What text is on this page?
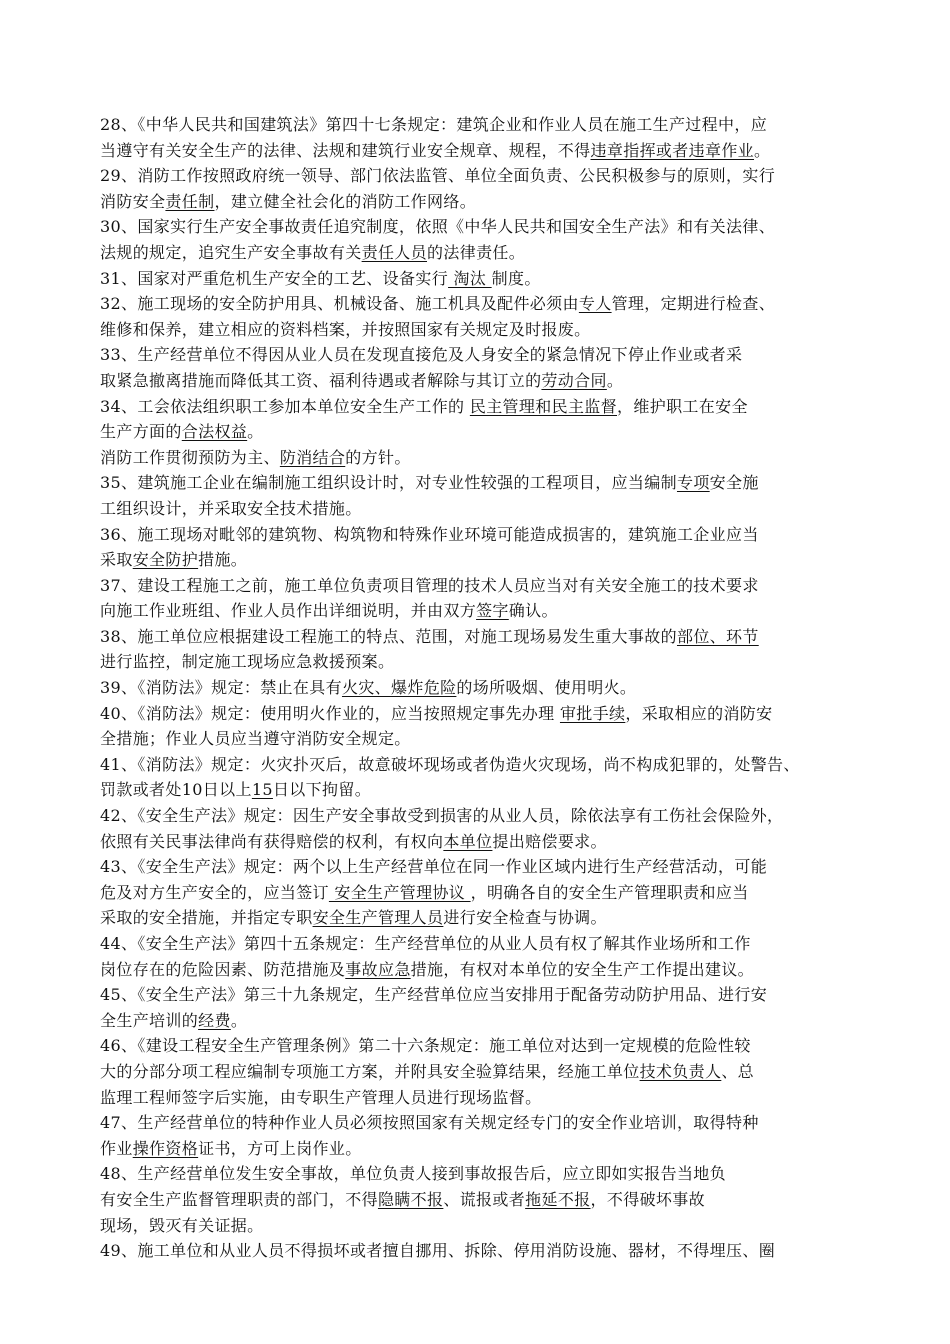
28、《中华人民共和国建筑法》第四十七条规定：建筑企业和作业人员在施工生产过程中，应
当遵守有关安全生产的法律、法规和建筑行业安全规章、规程，不得违章指挥或者违章作业。
29、消防工作按照政府统一领导、部门依法监管、单位全面负责、公民积极参与的原则，实行
消防安全责任制，建立健全社会化的消防工作网络。
30、国家实行生产安全事故责任追究制度，依照《中华人民共和国安全生产法》和有关法律、
法规的规定，追究生产安全事故有关责任人员的法律责任。
31、国家对严重危机生产安全的工艺、设备实行 淘汰 制度。
32、施工现场的安全防护用具、机械设备、施工机具及配件必须由专人管理，定期进行检查、
维修和保养，建立相应的资料档案，并按照国家有关规定及时报废。
33、生产经营单位不得因从业人员在发现直接危及人身安全的紧急情况下停止作业或者采
取紧急撤离措施而降低其工资、福利待遇或者解除与其订立的劳动合同。
34、工会依法组织职工参加本单位安全生产工作的 民主管理和民主监督，维护职工在安全
生产方面的合法权益。
消防工作贯彻预防为主、防消结合的方针。
35、建筑施工企业在编制施工组织设计时，对专业性较强的工程项目，应当编制专项安全施
工组织设计，并采取安全技术措施。
36、施工现场对毗邻的建筑物、构筑物和特殊作业环境可能造成损害的，建筑施工企业应当
采取安全防护措施。
37、建设工程施工之前，施工单位负责项目管理的技术人员应当对有关安全施工的技术要求
向施工作业班组、作业人员作出详细说明，并由双方签字确认。
38、施工单位应根据建设工程施工的特点、范围，对施工现场易发生重大事故的部位、环节
进行监控，制定施工现场应急救援预案。
39、《消防法》规定：禁止在具有火灾、爆炸危险的场所吸烟、使用明火。
40、《消防法》规定：使用明火作业的，应当按照规定事先办理 审批手续，采取相应的消防安
全措施；作业人员应当遵守消防安全规定。
41、《消防法》规定：火灾扑灭后，故意破坏现场或者伪造火灾现场，尚不构成犯罪的，处警告、
罚款或者处10日以上15日以下拘留。
42、《安全生产法》规定：因生产安全事故受到损害的从业人员，除依法享有工伤社会保险外，
依照有关民事法律尚有获得赔偿的权利，有权向本单位提出赔偿要求。
43、《安全生产法》规定：两个以上生产经营单位在同一作业区域内进行生产经营活动，可能
危及对方生产安全的，应当签订 安全生产管理协议 ，明确各自的安全生产管理职责和应当
采取的安全措施，并指定专职安全生产管理人员进行安全检查与协调。
44、《安全生产法》第四十五条规定：生产经营单位的从业人员有权了解其作业场所和工作
岗位存在的危险因素、防范措施及事故应急措施，有权对本单位的安全生产工作提出建议。
45、《安全生产法》第三十九条规定，生产经营单位应当安排用于配备劳动防护用品、进行安
全生产培训的经费。
46、《建设工程安全生产管理条例》第二十六条规定：施工单位对达到一定规模的危险性较
大的分部分项工程应编制专项施工方案，并附具安全验算结果，经施工单位技术负责人、总
监理工程师签字后实施，由专职生产管理人员进行现场监督。
47、生产经营单位的特种作业人员必须按照国家有关规定经专门的安全作业培训，取得特种
作业操作资格证书，方可上岗作业。
48、生产经营单位发生安全事故，单位负责人接到事故报告后，应立即如实报告当地负
有安全生产监督管理职责的部门，不得隐瞒不报、谎报或者拖延不报，不得破坏事故
现场，毁灭有关证据。
49、施工单位和从业人员不得损坏或者擅自挪用、拆除、停用消防设施、器材，不得埋压、圈
